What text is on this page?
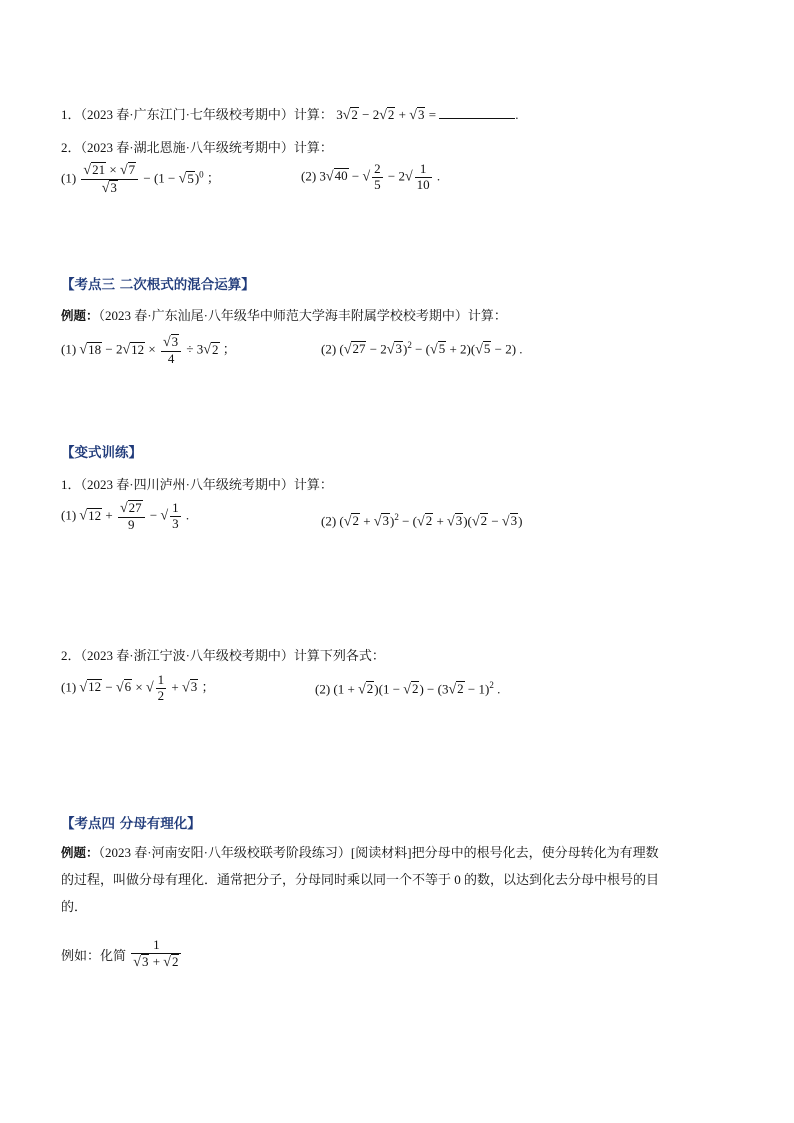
1．（2023 春·广东江门·七年级校考期中）计算： 3√2 − 2√2 + √3 =	.
2．（2023 春·湖北恩施·八年级统考期中）计算：
$(1) \frac{√21 \times √7}{√3} - (1 - √5)^0$ ；	(2) 3√40 − √ $\frac{2}{5} - 2√ \frac{1}{10}$ .
【考点三 二次根式的混合运算】
例题：（2023 春·广东汕尾·八年级华中师范大学海丰附属学校校考期中）计算：
(1) $√18 - 2√12 \times \frac{√3}{4} \div 3√2$ ；	(2) $(√27 - 2√3)^2 - (√5 + 2)(√5 - 2)$ .
【变式训练】
1．（2023 春·四川泸州·八年级统考期中）计算：
(1) $√12 + \frac{√27}{9}$ − √ $\frac{1}{3}$ .	(2) $(√2 + √3)^2 - (√2 + √3)(√2 - √3)$
2．（2023 春·浙江宁波·八年级校考期中）计算下列各式：
(1) √12 − √6 × √ $\frac{1}{2} + √3$ ；	(2) $(1 + √2)(1 - √2) - (3√2 - 1)^2$ .
【考点四 分母有理化】
例题：（2023 春·河南安阳·八年级校联考阶段练习）[阅读材料]把分母中的根号化去，使分母转化为有理数
的过程，叫做分母有理化．通常把分子，分母同时乘以同一个不等于 0 的数，以达到化去分母中根号的目
的．
例如：化简 $\frac{1}{√3 + √2}$
